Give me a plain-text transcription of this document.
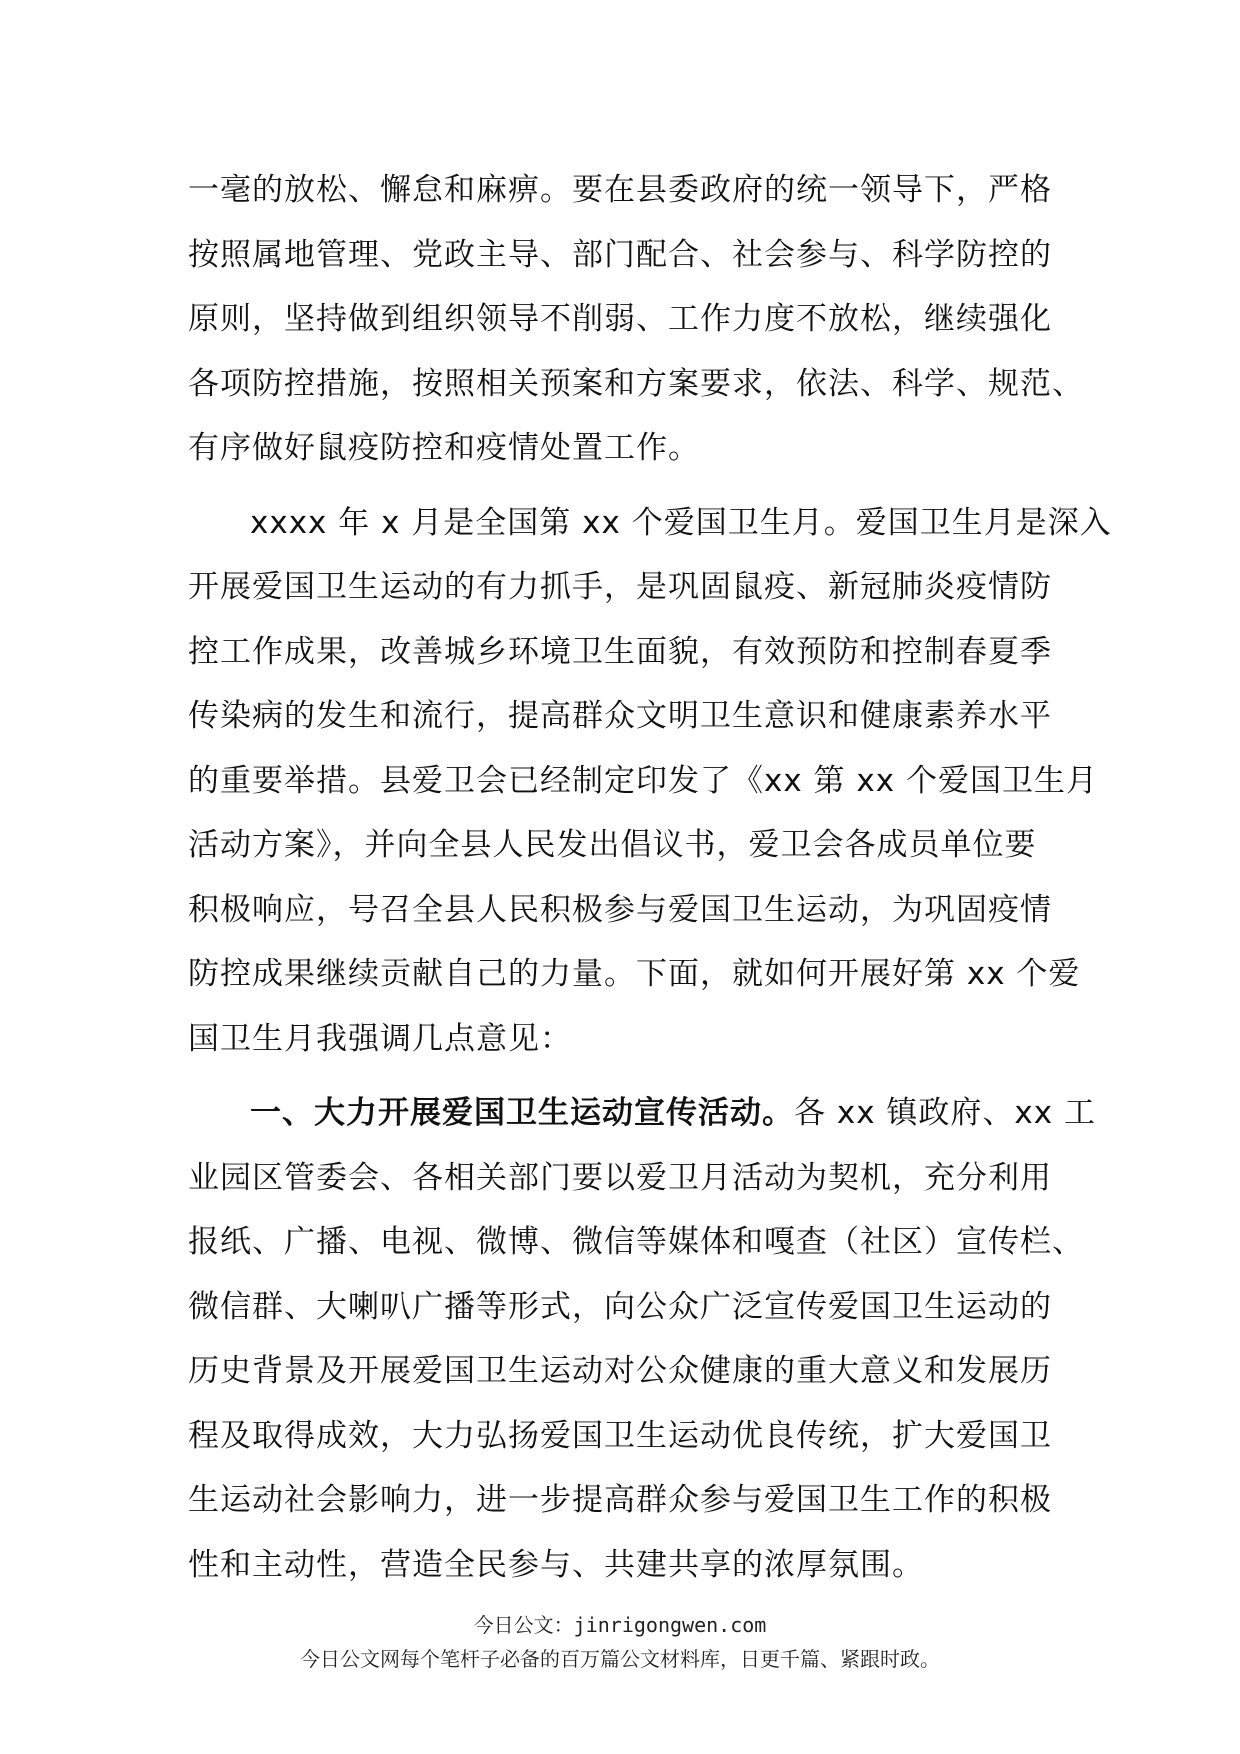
一毫的放松、懈怠和麻痹。要在县委政府的统一领导下，严格
按照属地管理、党政主导、部门配合、社会参与、科学防控的
原则，坚持做到组织领导不削弱、工作力度不放松，继续强化
各项防控措施，按照相关预案和方案要求，依法、科学、规范、
有序做好鼠疫防控和疫情处置工作。

xxxx 年 x 月是全国第 xx 个爱国卫生月。爱国卫生月是深入
开展爱国卫生运动的有力抓手，是巩固鼠疫、新冠肺炎疫情防
控工作成果，改善城乡环境卫生面貌，有效预防和控制春夏季
传染病的发生和流行，提高群众文明卫生意识和健康素养水平
的重要举措。县爱卫会已经制定印发了《xx 第 xx 个爱国卫生月
活动方案》，并向全县人民发出倡议书，爱卫会各成员单位要
积极响应，号召全县人民积极参与爱国卫生运动，为巩固疫情
防控成果继续贡献自己的力量。下面，就如何开展好第 xx 个爱
国卫生月我强调几点意见：

一、大力开展爱国卫生运动宣传活动。各 xx 镇政府、xx 工
业园区管委会、各相关部门要以爱卫月活动为契机，充分利用
报纸、广播、电视、微博、微信等媒体和嘎查（社区）宣传栏、
微信群、大喇叭广播等形式，向公众广泛宣传爱国卫生运动的
历史背景及开展爱国卫生运动对公众健康的重大意义和发展历
程及取得成效，大力弘扬爱国卫生运动优良传统，扩大爱国卫
生运动社会影响力，进一步提高群众参与爱国卫生工作的积极
性和主动性，营造全民参与、共建共享的浓厚氛围。

今日公文：jinrigongwen.com
今日公文网每个笔杆子必备的百万篇公文材料库，日更千篇、紧跟时政。
